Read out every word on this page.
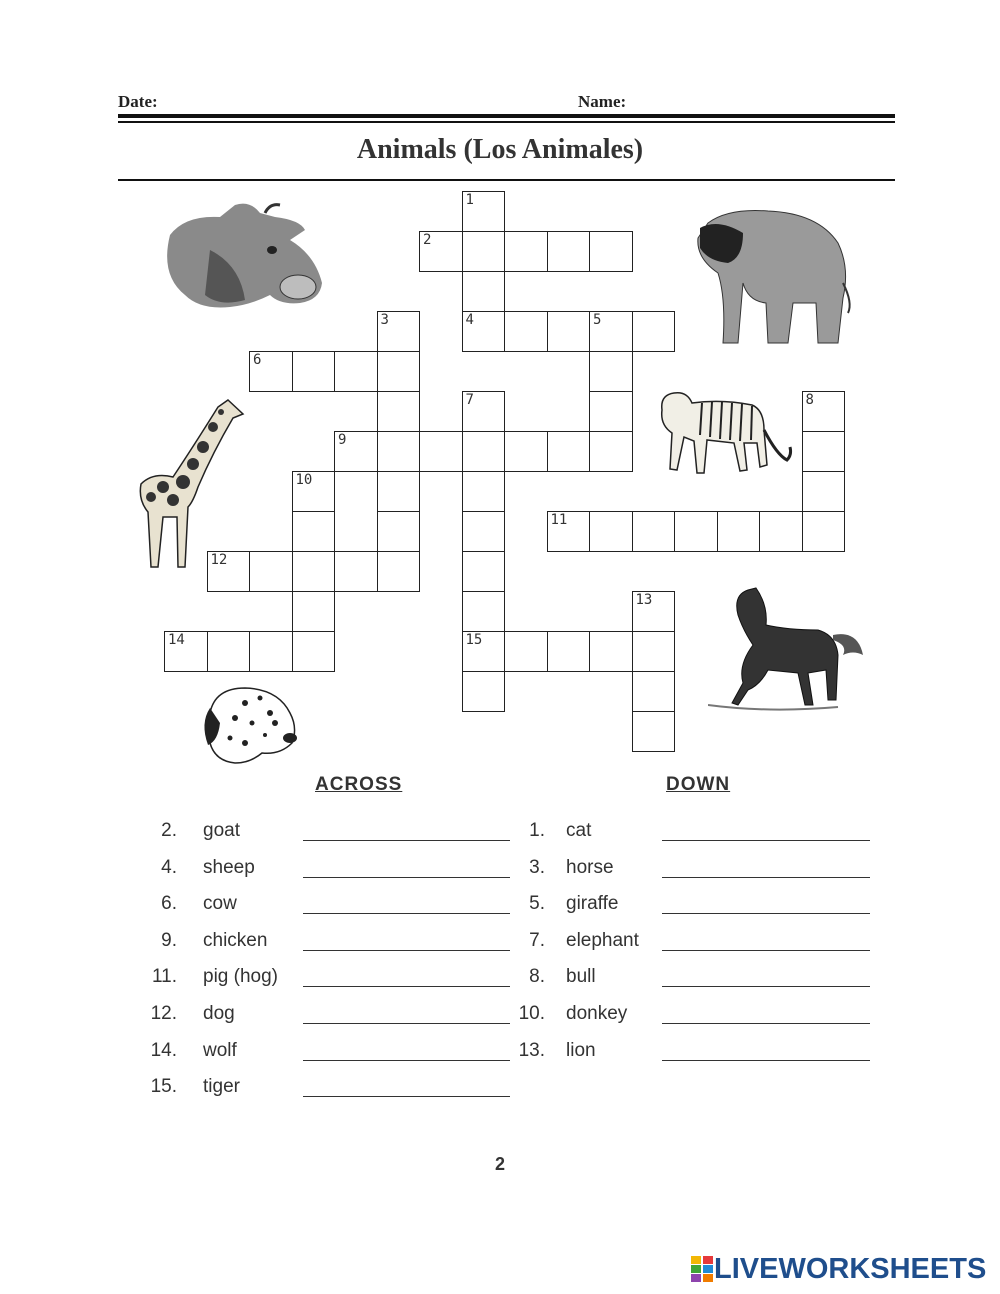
Date:	Name:
Animals (Los Animales)
1
2
3	4	5
6
7	8
9
10
11
12
13
14	15
ACROSS	DOWN
2. goat
4. sheep
6. cow
9. chicken
11. pig (hog)
12. dog
14. wolf
15. tiger
1. cat
3. horse
5. giraffe
7. elephant
8. bull
10. donkey
13. lion
2
LIVEWORKSHEETS
